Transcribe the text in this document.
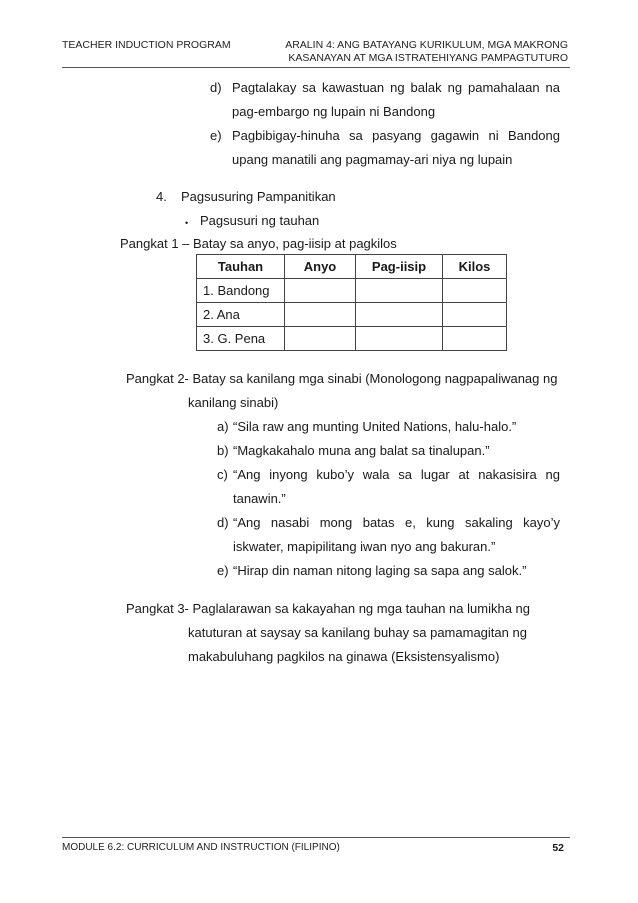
TEACHER INDUCTION PROGRAM	ARALIN 4: ANG BATAYANG KURIKULUM, MGA MAKRONG
KASANAYAN AT MGA ISTRATEHIYANG PAMPAGTUTURO
d) Pagtalakay sa kawastuan ng balak ng pamahalaan na
pag-embargo ng lupain ni Bandong
e) Pagbibigay-hinuha sa pasyang gagawin ni Bandong
upang manatili ang pagmamay-ari niya ng lupain
4. Pagsusuring Pampanitikan
• Pagsusuri ng tauhan
Pangkat 1 – Batay sa anyo, pag-iisip at pagkilos
Tauhan	Anyo	Pag-iisip	Kilos
1. Bandong			
2. Ana			
3. G. Pena			
Pangkat 2- Batay sa kanilang mga sinabi (Monologong nagpapaliwanag ng
kanilang sinabi)
a) “Sila raw ang munting United Nations, halu-halo.”
b) “Magkakahalo muna ang balat sa tinalupan.”
c) “Ang inyong kubo’y wala sa lugar at nakasisira ng
tanawin.”
d) “Ang nasabi mong batas e, kung sakaling kayo’y
iskwater, mapipilitang iwan nyo ang bakuran.”
e) “Hirap din naman nitong laging sa sapa ang salok.”
Pangkat 3- Paglalarawan sa kakayahan ng mga tauhan na lumikha ng
katuturan at saysay sa kanilang buhay sa pamamagitan ng
makabuluhang pagkilos na ginawa (Eksistensyalismo)
MODULE 6.2: CURRICULUM AND INSTRUCTION (FILIPINO)	52
